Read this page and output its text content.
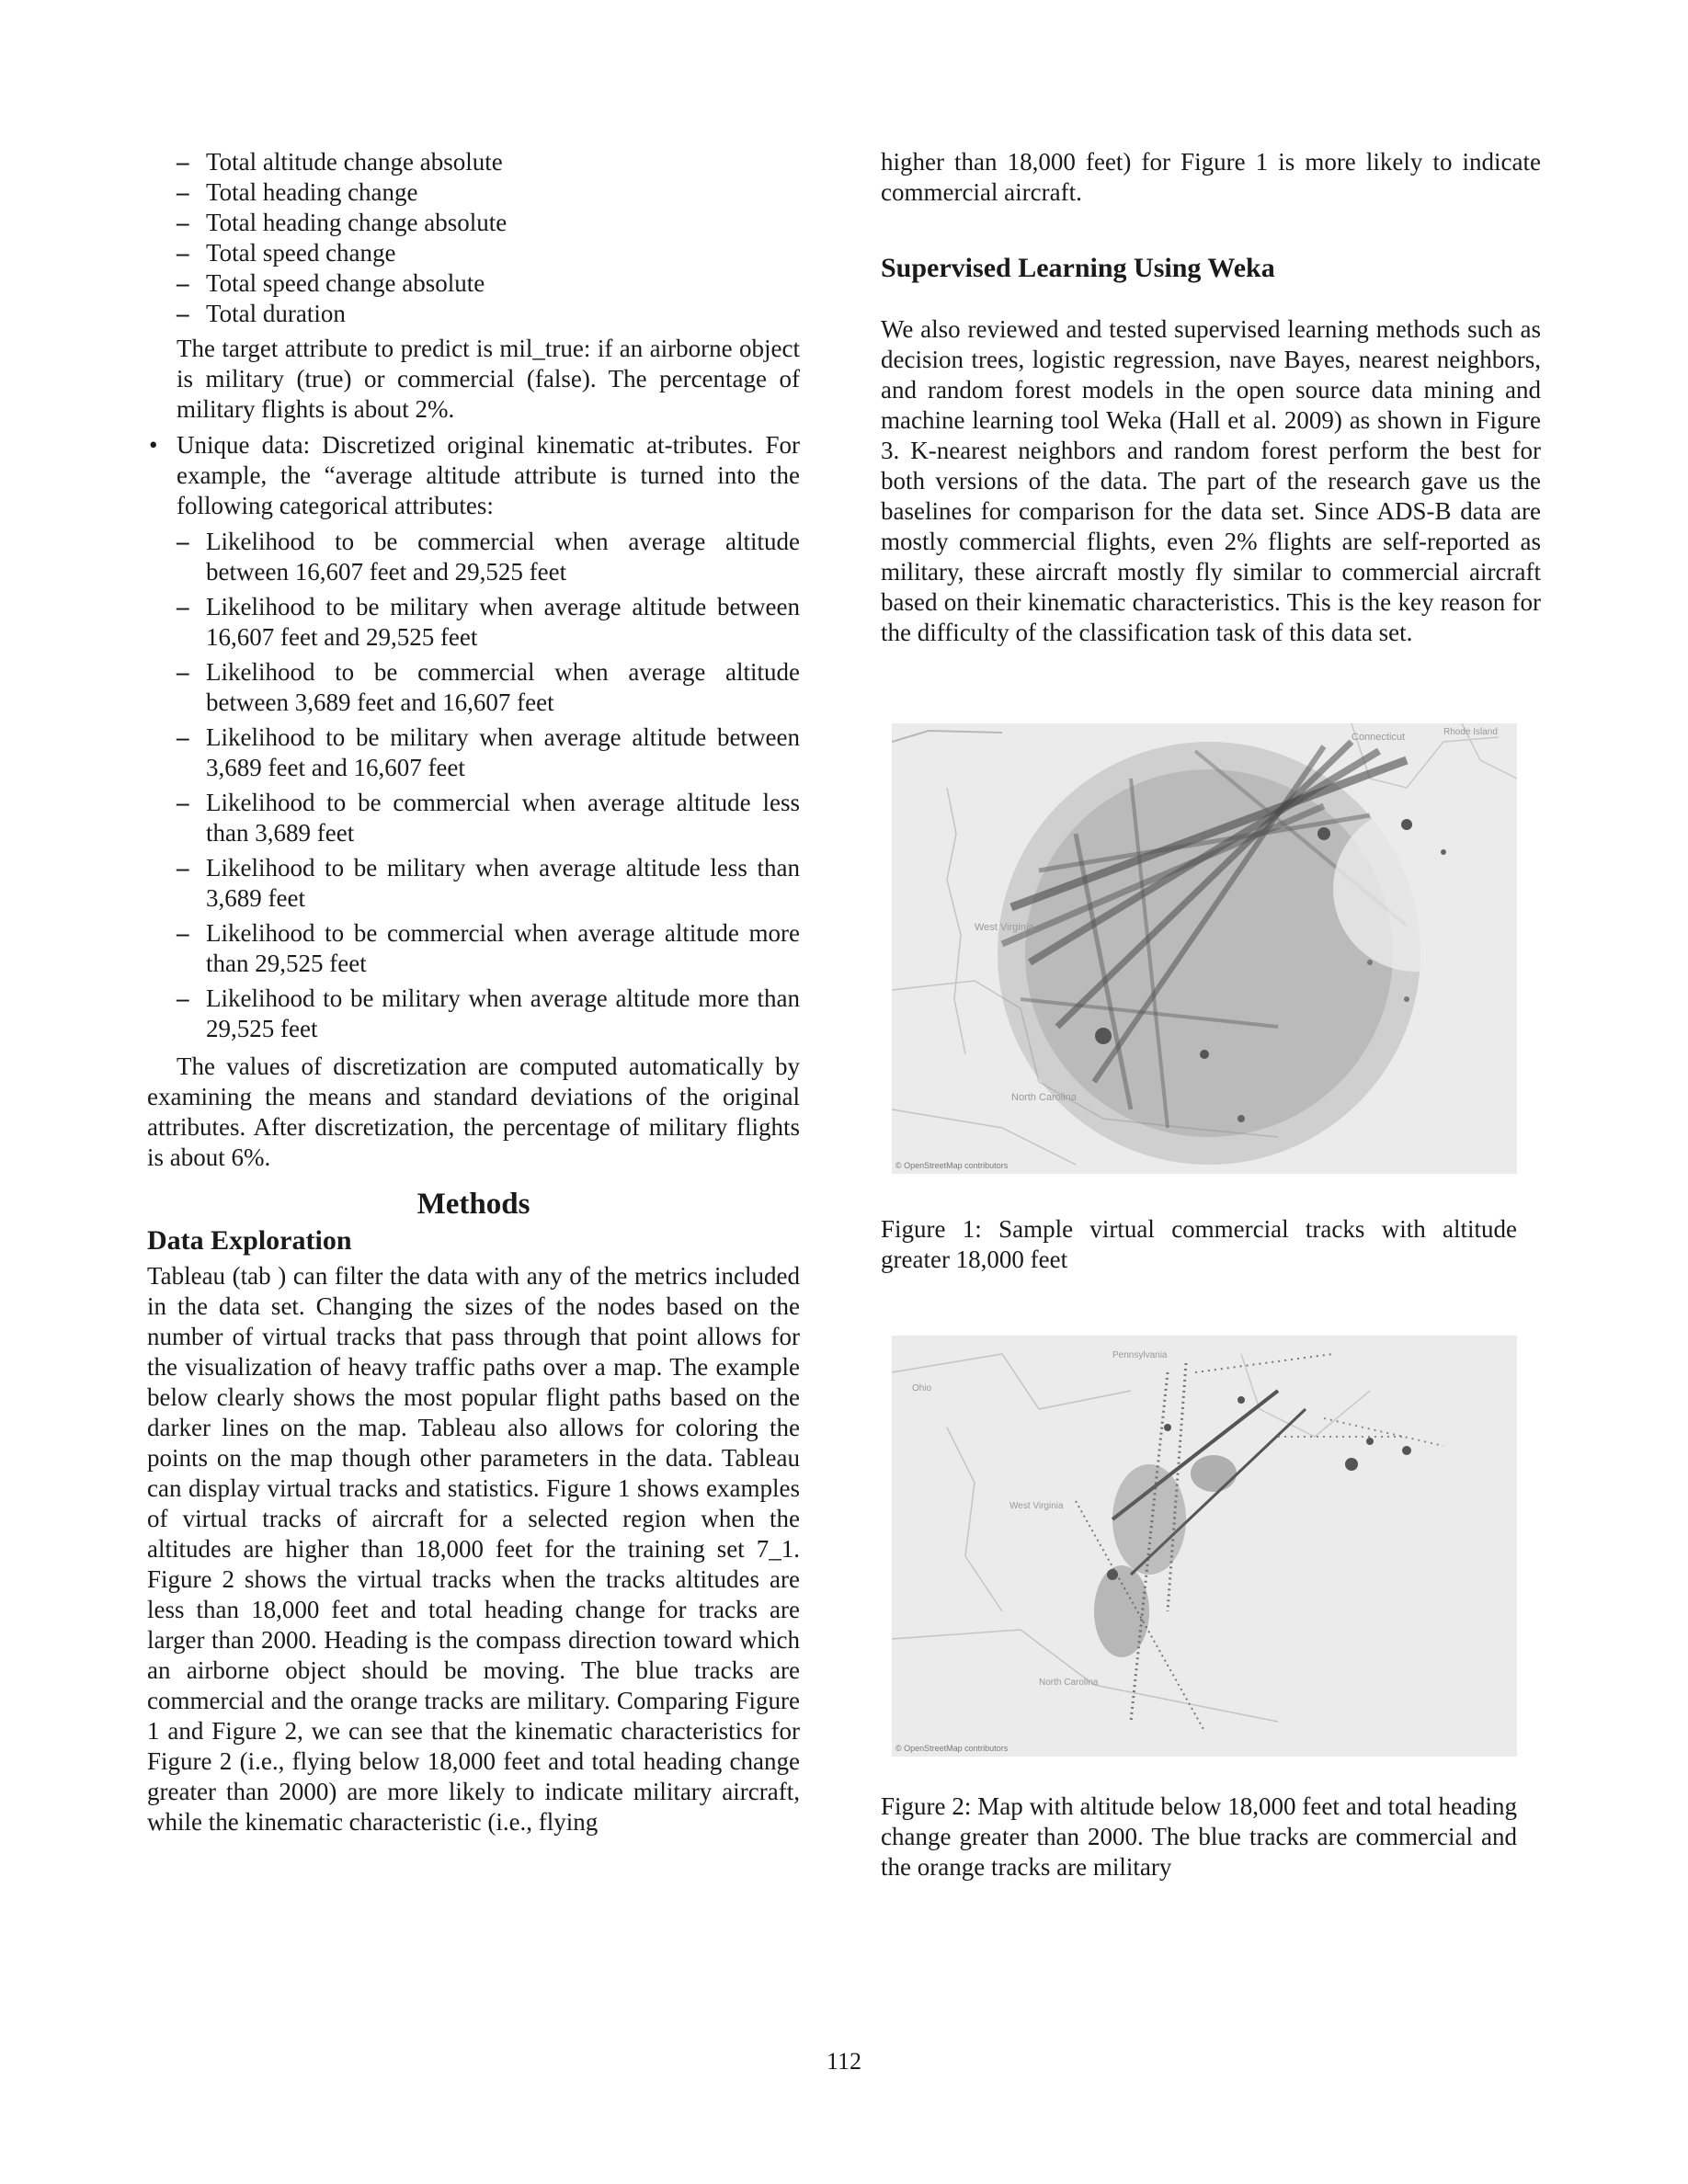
– Total altitude change absolute
– Total heading change
– Total heading change absolute
– Total speed change
– Total speed change absolute
– Total duration

The target attribute to predict is mil_true: if an airborne object is military (true) or commercial (false). The percentage of military flights is about 2%.

• Unique data: Discretized original kinematic at-tributes. For example, the “average altitude attribute is turned into the following categorical attributes:

– Likelihood to be commercial when average altitude between 16,607 feet and 29,525 feet
– Likelihood to be military when average altitude between 16,607 feet and 29,525 feet
– Likelihood to be commercial when average altitude between 3,689 feet and 16,607 feet
– Likelihood to be military when average altitude between 3,689 feet and 16,607 feet
– Likelihood to be commercial when average altitude less than 3,689 feet
– Likelihood to be military when average altitude less than 3,689 feet
– Likelihood to be commercial when average altitude more than 29,525 feet
– Likelihood to be military when average altitude more than 29,525 feet

The values of discretization are computed automatically by examining the means and standard deviations of the original attributes. After discretization, the percentage of military flights is about 6%.

Methods
Data Exploration

Tableau (tab ) can filter the data with any of the metrics included in the data set. Changing the sizes of the nodes based on the number of virtual tracks that pass through that point allows for the visualization of heavy traffic paths over a map. The example below clearly shows the most popular flight paths based on the darker lines on the map. Tableau also allows for coloring the points on the map though other parameters in the data. Tableau can display virtual tracks and statistics. Figure 1 shows examples of virtual tracks of aircraft for a selected region when the altitudes are higher than 18,000 feet for the training set 7_1. Figure 2 shows the virtual tracks when the tracks altitudes are less than 18,000 feet and total heading change for tracks are larger than 2000. Heading is the compass direction toward which an airborne object should be moving. The blue tracks are commercial and the orange tracks are military. Comparing Figure 1 and Figure 2, we can see that the kinematic characteristics for Figure 2 (i.e., flying below 18,000 feet and total heading change greater than 2000) are more likely to indicate military aircraft, while the kinematic characteristic (i.e., flying

higher than 18,000 feet) for Figure 1 is more likely to indicate commercial aircraft.

Supervised Learning Using Weka

We also reviewed and tested supervised learning methods such as decision trees, logistic regression, nave Bayes, nearest neighbors, and random forest models in the open source data mining and machine learning tool Weka (Hall et al. 2009) as shown in Figure 3. K-nearest neighbors and random forest perform the best for both versions of the data. The part of the research gave us the baselines for comparison for the data set. Since ADS-B data are mostly commercial flights, even 2% flights are self-reported as military, these aircraft mostly fly similar to commercial aircraft based on their kinematic characteristics. This is the key reason for the difficulty of the classification task of this data set.

West Virginia
North Carolina
Connecticut	Rhode Island
© OpenStreetMap contributors

Figure 1: Sample virtual commercial tracks with altitude greater 18,000 feet

Ohio
West Virginia
North Carolina
Pennsylvania
© OpenStreetMap contributors

Figure 2: Map with altitude below 18,000 feet and total heading change greater than 2000. The blue tracks are commercial and the orange tracks are military

112
